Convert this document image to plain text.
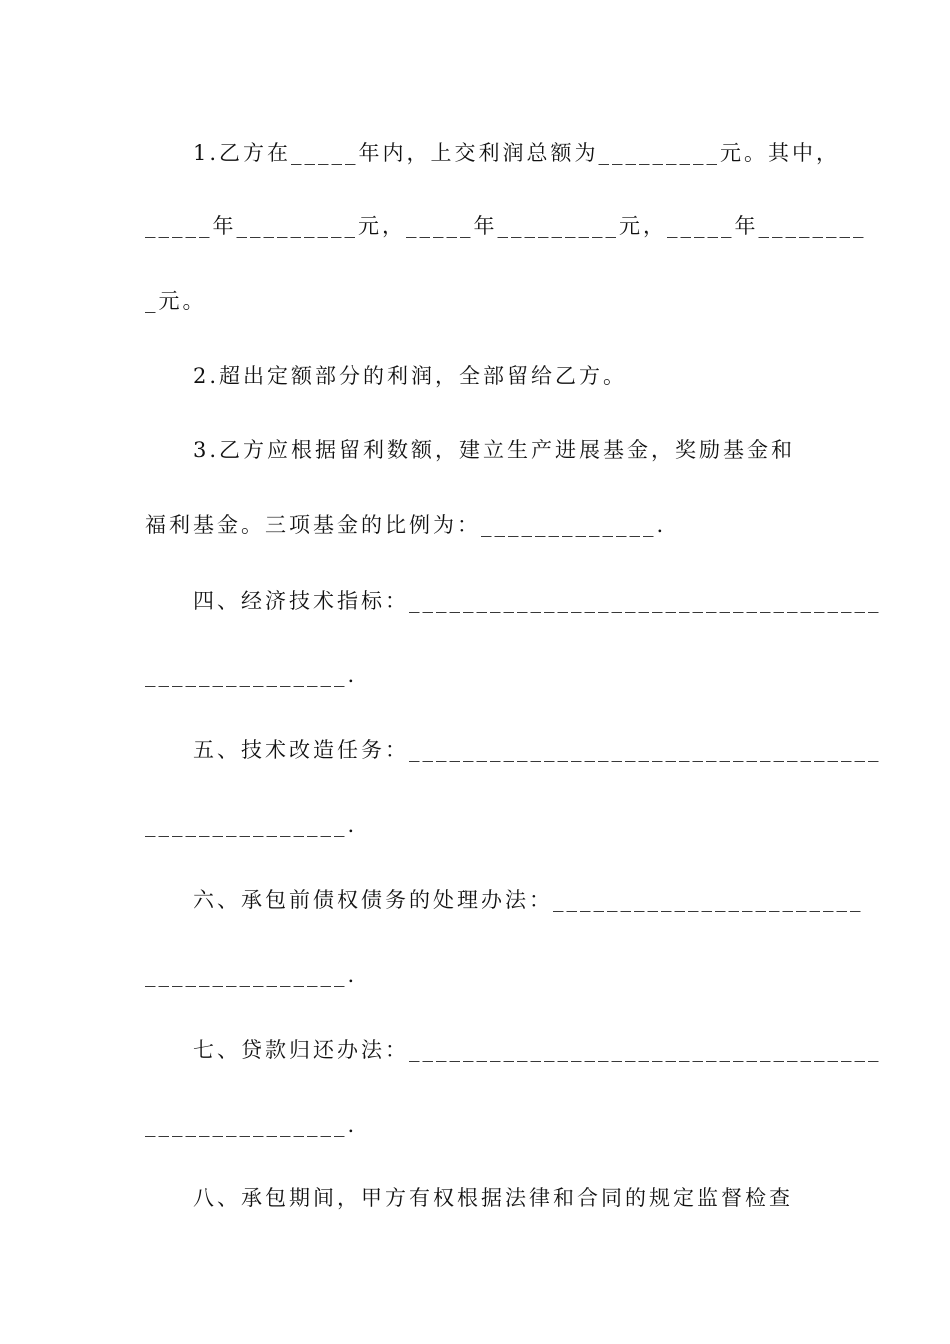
1.乙方在_____年内，上交利润总额为_________元。其中，
_____年_________元，_____年_________元，_____年________
_元。
2.超出定额部分的利润，全部留给乙方。
3.乙方应根据留利数额，建立生产进展基金，奖励基金和
福利基金。三项基金的比例为：_____________.
四、经济技术指标：___________________________________
_______________.
五、技术改造任务：___________________________________
_______________.
六、承包前债权债务的处理办法：_______________________
_______________.
七、贷款归还办法：___________________________________
_______________.
八、承包期间，甲方有权根据法律和合同的规定监督检查
